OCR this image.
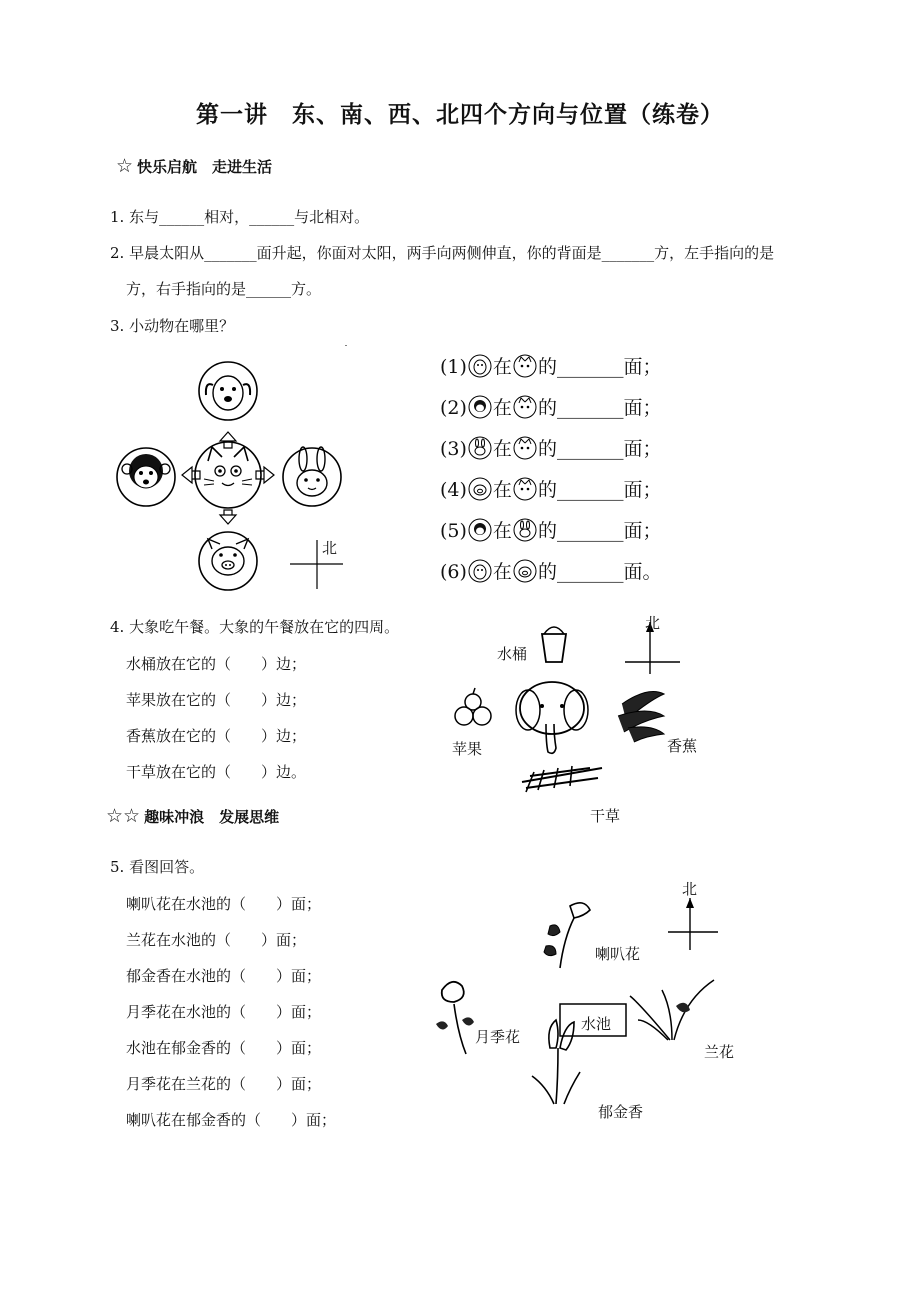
第一讲　东、南、西、北四个方向与位置（练卷）
☆ 快乐启航　走进生活
1. 东与______相对，______与北相对。
2. 早晨太阳从_______面升起，你面对太阳，两手向两侧伸直，你的背面是_______方，左手指向的是
方，右手指向的是______方。
3. 小动物在哪里？
北
(1) 在 的_______面；
(2) 在 的_______面；
(3) 在 的_______面；
(4) 在 的_______面；
(5) 在 的_______面；
(6) 在 的_______面。
4. 大象吃午餐。大象的午餐放在它的四周。
水桶放在它的（　　）边；
苹果放在它的（　　）边；
香蕉放在它的（　　）边；
干草放在它的（　　）边。
水桶
北
苹果	香蕉
干草
☆☆ 趣味冲浪　发展思维
5. 看图回答。
喇叭花在水池的（　　）面；
兰花在水池的（　　）面；
郁金香在水池的（　　）面；
月季花在水池的（　　）面；
水池在郁金香的（　　）面；
月季花在兰花的（　　）面；
喇叭花在郁金香的（　　）面；
北
喇叭花
水池
月季花
兰花
郁金香
